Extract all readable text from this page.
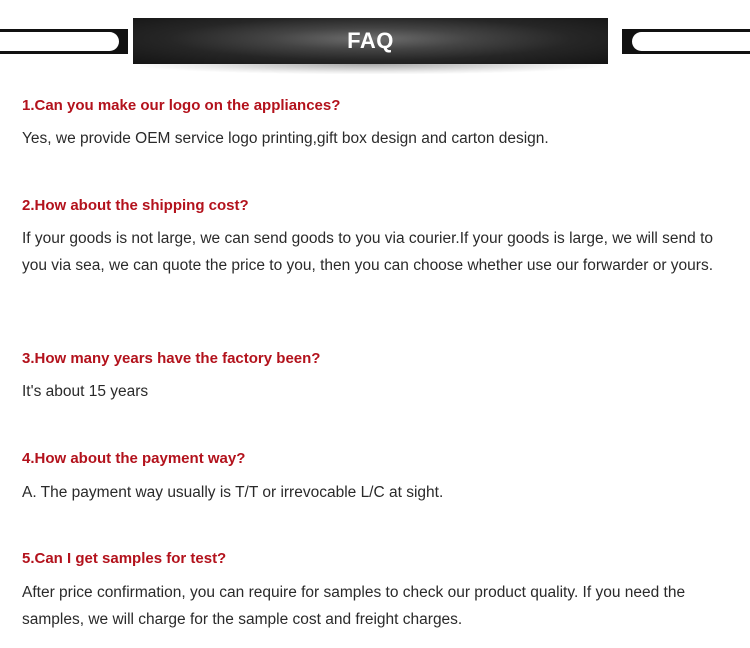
FAQ

1.Can you make our logo on the appliances?

Yes, we provide OEM service logo printing,gift box design and carton design.

2.How about the shipping cost?

If your goods is not large, we can send goods to you via courier.If your goods is large, we will send to you via sea, we can quote the price to you, then you can choose whether use our forwarder or yours.

3.How many years have the factory been?

It's about 15 years

4.How about the payment way?

A. The payment way usually is T/T or irrevocable L/C at sight.

5.Can I get samples for test?

After price confirmation, you can require for samples to check our product quality. If you need the samples, we will charge for the sample cost and freight charges.
